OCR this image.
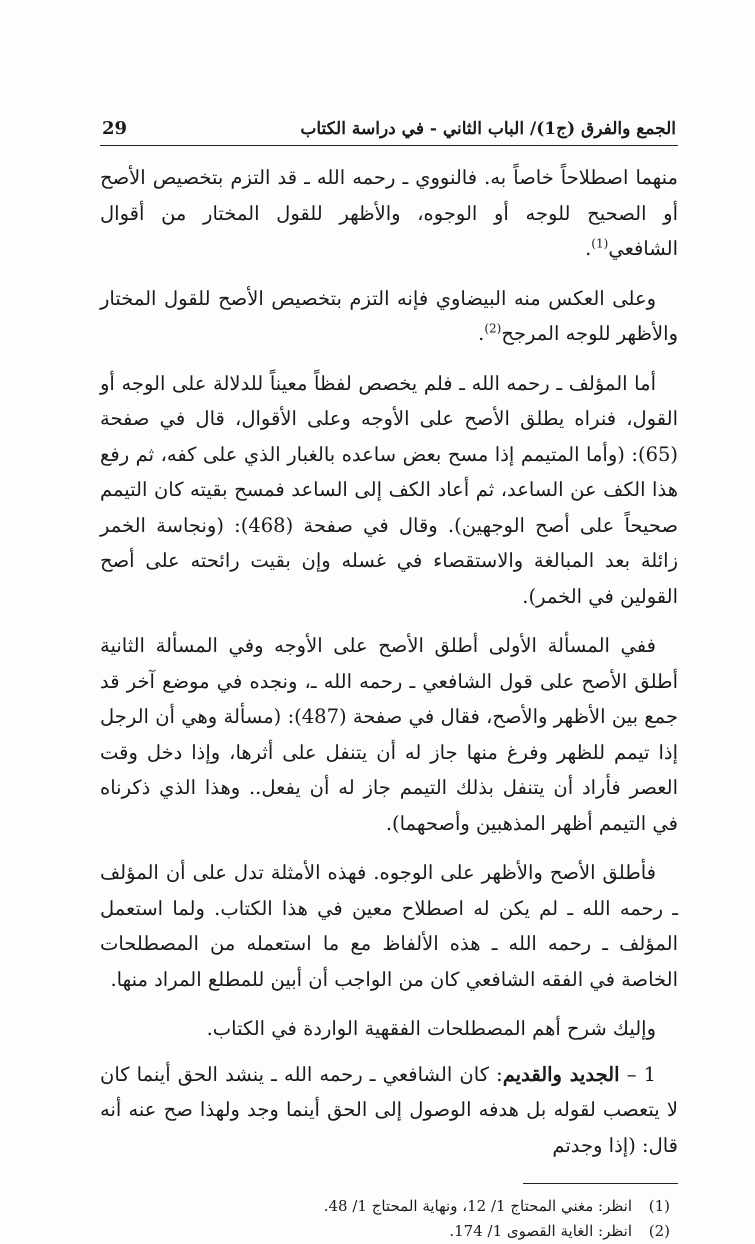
الجمع والفرق (ج1)/ الباب الثاني - في دراسة الكتاب
29

منهما اصطلاحاً خاصاً به. فالنووي ـ رحمه الله ـ قد التزم بتخصيص الأصح أو الصحيح للوجه أو الوجوه، والأظهر للقول المختار من أقوال الشافعي$^{(1)}$.

وعلى العكس منه البيضاوي فإنه التزم بتخصيص الأصح للقول المختار والأظهر للوجه المرجح$^{(2)}$.

أما المؤلف ـ رحمه الله ـ فلم يخصص لفظاً معيناً للدلالة على الوجه أو القول، فنراه يطلق الأصح على الأوجه وعلى الأقوال، قال في صفحة (65): (وأما المتيمم إذا مسح بعض ساعده بالغبار الذي على كفه، ثم رفع هذا الكف عن الساعد، ثم أعاد الكف إلى الساعد فمسح بقيته كان التيمم صحيحاً على أصح الوجهين). وقال في صفحة (468): (ونجاسة الخمر زائلة بعد المبالغة والاستقصاء في غسله وإن بقيت رائحته على أصح القولين في الخمر).

ففي المسألة الأولى أطلق الأصح على الأوجه وفي المسألة الثانية أطلق الأصح على قول الشافعي ـ رحمه الله ـ، ونجده في موضع آخر قد جمع بين الأظهر والأصح، فقال في صفحة (487): (مسألة وهي أن الرجل إذا تيمم للظهر وفرغ منها جاز له أن يتنفل على أثرها، وإذا دخل وقت العصر فأراد أن يتنفل بذلك التيمم جاز له أن يفعل.. وهذا الذي ذكرناه في التيمم أظهر المذهبين وأصحهما).

فأطلق الأصح والأظهر على الوجوه. فهذه الأمثلة تدل على أن المؤلف ـ رحمه الله ـ لم يكن له اصطلاح معين في هذا الكتاب. ولما استعمل المؤلف ـ رحمه الله ـ هذه الألفاظ مع ما استعمله من المصطلحات الخاصة في الفقه الشافعي كان من الواجب أن أبين للمطلع المراد منها.

وإليك شرح أهم المصطلحات الفقهية الواردة في الكتاب.

1 – الجديد والقديم: كان الشافعي ـ رحمه الله ـ ينشد الحق أينما كان لا يتعصب لقوله بل هدفه الوصول إلى الحق أينما وجد ولهذا صح عنه أنه قال: (إذا وجدتم

(1)انظر: مغني المحتاج 1/ 12، ونهاية المحتاج 1/ 48.
(2)انظر: الغاية القصوى 1/ 174.
